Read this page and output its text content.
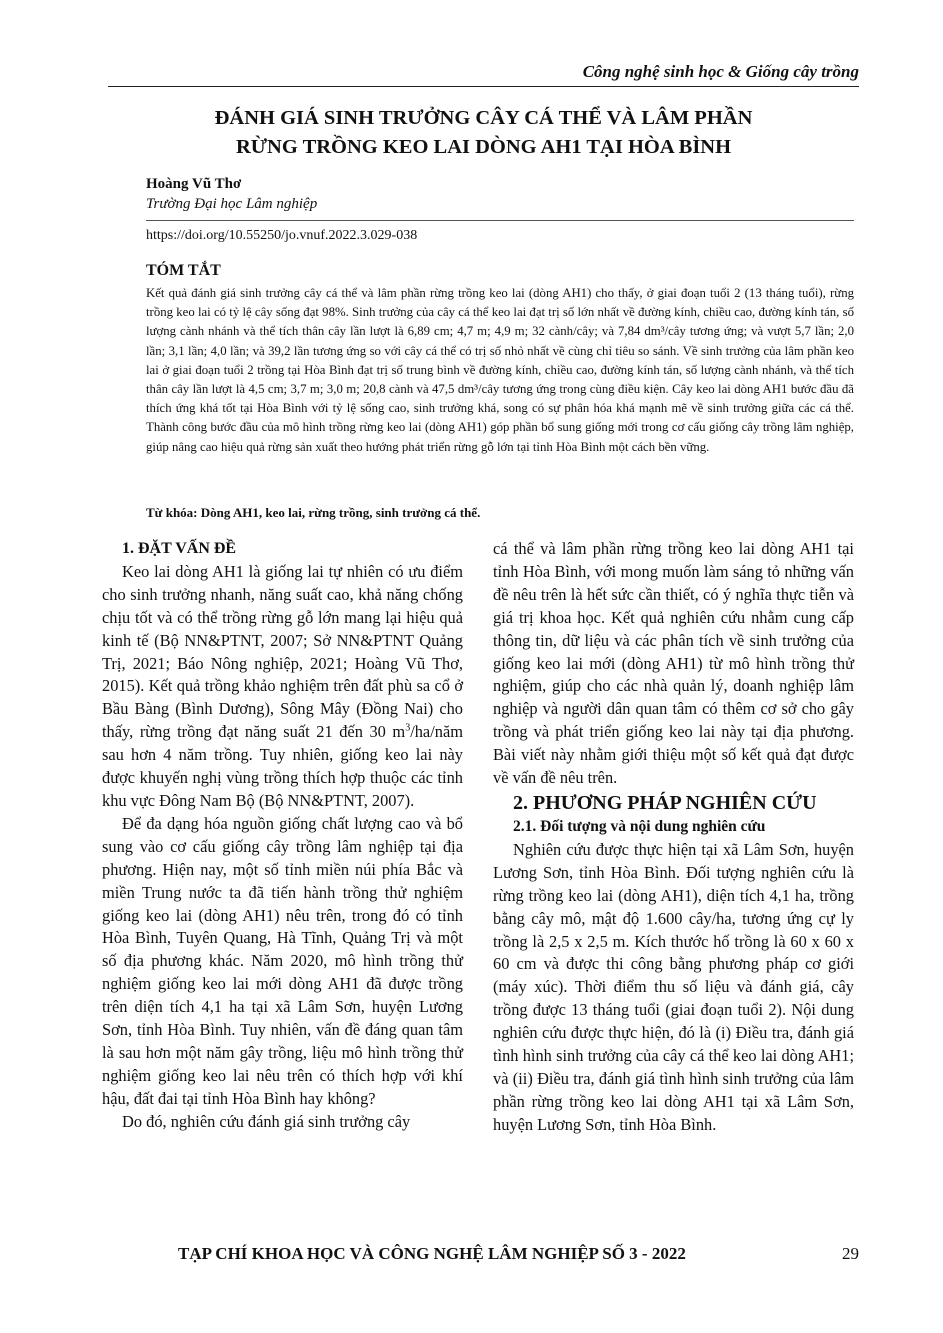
Công nghệ sinh học & Giống cây trồng
ĐÁNH GIÁ SINH TRƯỞNG CÂY CÁ THỂ VÀ LÂM PHẦN
RỪNG TRỒNG KEO LAI DÒNG AH1 TẠI HÒA BÌNH
Hoàng Vũ Thơ
Trường Đại học Lâm nghiệp
https://doi.org/10.55250/jo.vnuf.2022.3.029-038
TÓM TẮT
Kết quả đánh giá sinh trưởng cây cá thể và lâm phần rừng trồng keo lai (dòng AH1) cho thấy, ở giai đoạn tuổi 2 (13 tháng tuổi), rừng trồng keo lai có tỷ lệ cây sống đạt 98%. Sinh trưởng của cây cá thể keo lai đạt trị số lớn nhất về đường kính, chiều cao, đường kính tán, số lượng cành nhánh và thể tích thân cây lần lượt là 6,89 cm; 4,7 m; 4,9 m; 32 cành/cây; và 7,84 dm³/cây tương ứng; và vượt 5,7 lần; 2,0 lần; 3,1 lần; 4,0 lần; và 39,2 lần tương ứng so với cây cá thể có trị số nhỏ nhất về cùng chỉ tiêu so sánh. Về sinh trưởng của lâm phần keo lai ở giai đoạn tuổi 2 trồng tại Hòa Bình đạt trị số trung bình về đường kính, chiều cao, đường kính tán, số lượng cành nhánh, và thể tích thân cây lần lượt là 4,5 cm; 3,7 m; 3,0 m; 20,8 cành và 47,5 dm³/cây tương ứng trong cùng điều kiện. Cây keo lai dòng AH1 bước đầu đã thích ứng khá tốt tại Hòa Bình với tỷ lệ sống cao, sinh trưởng khá, song có sự phân hóa khá mạnh mẽ về sinh trưởng giữa các cá thể. Thành công bước đầu của mô hình trồng rừng keo lai (dòng AH1) góp phần bổ sung giống mới trong cơ cấu giống cây trồng lâm nghiệp, giúp nâng cao hiệu quả rừng sản xuất theo hướng phát triển rừng gỗ lớn tại tỉnh Hòa Bình một cách bền vững.
Từ khóa: Dòng AH1, keo lai, rừng trồng, sinh trưởng cá thể.

1. ĐẶT VẤN ĐỀ

Keo lai dòng AH1 là giống lai tự nhiên có ưu điểm cho sinh trưởng nhanh, năng suất cao, khả năng chống chịu tốt và có thể trồng rừng gỗ lớn mang lại hiệu quả kinh tế (Bộ NN&PTNT, 2007; Sở NN&PTNT Quảng Trị, 2021; Báo Nông nghiệp, 2021; Hoàng Vũ Thơ, 2015). Kết quả trồng khảo nghiệm trên đất phù sa cổ ở Bầu Bàng (Bình Dương), Sông Mây (Đồng Nai) cho thấy, rừng trồng đạt năng suất 21 đến 30 $m^3/ha$/năm sau hơn 4 năm trồng. Tuy nhiên, giống keo lai này được khuyến nghị vùng trồng thích hợp thuộc các tỉnh khu vực Đông Nam Bộ (Bộ NN&PTNT, 2007).

Để đa dạng hóa nguồn giống chất lượng cao và bổ sung vào cơ cấu giống cây trồng lâm nghiệp tại địa phương. Hiện nay, một số tỉnh miền núi phía Bắc và miền Trung nước ta đã tiến hành trồng thử nghiệm giống keo lai (dòng AH1) nêu trên, trong đó có tỉnh Hòa Bình, Tuyên Quang, Hà Tĩnh, Quảng Trị và một số địa phương khác. Năm 2020, mô hình trồng thử nghiệm giống keo lai mới dòng AH1 đã được trồng trên diện tích 4,1 ha tại xã Lâm Sơn, huyện Lương Sơn, tỉnh Hòa Bình. Tuy nhiên, vấn đề đáng quan tâm là sau hơn một năm gây trồng, liệu mô hình trồng thử nghiệm giống keo lai nêu trên có thích hợp với khí hậu, đất đai tại tỉnh Hòa Bình hay không?

Do đó, nghiên cứu đánh giá sinh trưởng cây

cá thể và lâm phần rừng trồng keo lai dòng AH1 tại tỉnh Hòa Bình, với mong muốn làm sáng tỏ những vấn đề nêu trên là hết sức cần thiết, có ý nghĩa thực tiễn và giá trị khoa học. Kết quả nghiên cứu nhằm cung cấp thông tin, dữ liệu và các phân tích về sinh trưởng của giống keo lai mới (dòng AH1) từ mô hình trồng thử nghiệm, giúp cho các nhà quản lý, doanh nghiệp lâm nghiệp và người dân quan tâm có thêm cơ sở cho gây trồng và phát triển giống keo lai này tại địa phương. Bài viết này nhằm giới thiệu một số kết quả đạt được về vấn đề nêu trên.

2. PHƯƠNG PHÁP NGHIÊN CỨU

2.1. Đối tượng và nội dung nghiên cứu

Nghiên cứu được thực hiện tại xã Lâm Sơn, huyện Lương Sơn, tỉnh Hòa Bình. Đối tượng nghiên cứu là rừng trồng keo lai (dòng AH1), diện tích 4,1 ha, trồng bằng cây mô, mật độ 1.600 cây/ha, tương ứng cự ly trồng là 2,5 x 2,5 m. Kích thước hố trồng là 60 x 60 x 60 cm và được thi công bằng phương pháp cơ giới (máy xúc). Thời điểm thu số liệu và đánh giá, cây trồng được 13 tháng tuổi (giai đoạn tuổi 2). Nội dung nghiên cứu được thực hiện, đó là (i) Điều tra, đánh giá tình hình sinh trưởng của cây cá thể keo lai dòng AH1; và (ii) Điều tra, đánh giá tình hình sinh trưởng của lâm phần rừng trồng keo lai dòng AH1 tại xã Lâm Sơn, huyện Lương Sơn, tỉnh Hòa Bình.

TẠP CHÍ KHOA HỌC VÀ CÔNG NGHỆ LÂM NGHIỆP SỐ 3 - 2022	29
